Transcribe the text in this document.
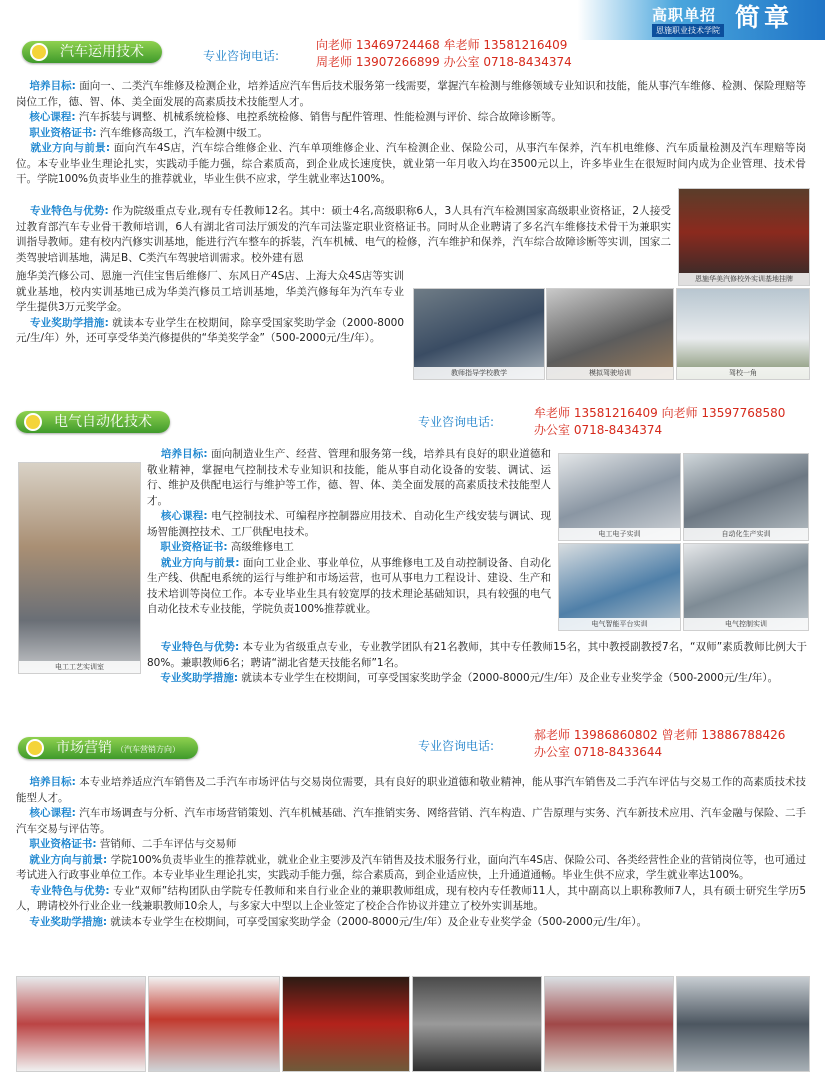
高职单招 简章
恩施职业技术学院
汽车运用技术	专业咨询电话:
向老师 13469724468 牟老师 13581216409
周老师 13907266899 办公室 0718-8434374
培养目标: 面向一、二类汽车维修及检测企业，培养适应汽车售后技术服务第一线需要，掌握汽车检测与维修领域专业知识和技能，能从事汽车维修、检测、保险理赔等岗位工作，德、智、体、美全面发展的高素质技术技能型人才。
核心课程: 汽车拆装与调整、机械系统检修、电控系统检修、销售与配件管理、性能检测与评价、综合故障诊断等。
职业资格证书: 汽车维修高级工，汽车检测中级工。
就业方向与前景: 面向汽车4S店，汽车综合维修企业、汽车单项维修企业、汽车检测企业、保险公司，从事汽车保养，汽车机电维修、汽车质量检测及汽车理赔等岗位。本专业毕业生理论扎实，实践动手能力强，综合素质高，到企业成长速度快，就业第一年月收入均在3500元以上，许多毕业生在很短时间内成为企业管理、技术骨干。学院100%负责毕业生的推荐就业，毕业生供不应求，学生就业率达100%。
专业特色与优势: 作为院级重点专业,现有专任教师12名。其中：硕士4名,高级职称6人，3人具有汽车检测国家高级职业资格证，2人接受过教育部汽车专业骨干教师培训，6人有湖北省司法厅颁发的汽车司法鉴定职业资格证书。同时从企业聘请了多名汽车维修技术骨干为兼职实训指导教师。建有校内汽修实训基地，能进行汽车整车的拆装，汽车机械、电气的检修，汽车维护和保养，汽车综合故障诊断等实训，国家二类驾驶培训基地，满足B、C类汽车驾驶培训需求。校外建有恩
施华美汽修公司、恩施一汽佳宝售后维修厂、东风日产4S店、上海大众4S店等实训就业基地，校内实训基地已成为华美汽修员工培训基地，华美汽修每年为汽车专业学生提供3万元奖学金。
专业奖助学措施: 就读本专业学生在校期间，除享受国家奖助学金（2000-8000元/生/年）外，还可享受华美汽修提供的“华美奖学金”（500-2000元/生/年）。
恩施华美汽修校外实训基地挂牌
教师指导学校教学	模拟驾驶培训	驾校一角
电气自动化技术	专业咨询电话:
牟老师 13581216409 向老师 13597768580
办公室 0718-8434374
电工工艺实训室
培养目标: 面向制造业生产、经营、管理和服务第一线，培养具有良好的职业道德和敬业精神，掌握电气控制技术专业知识和技能，能从事自动化设备的安装、调试、运行、维护及供配电运行与维护等工作，德、智、体、美全面发展的高素质技术技能型人才。
核心课程: 电气控制技术、可编程序控制器应用技术、自动化生产线安装与调试、现场智能测控技术、工厂供配电技术。
职业资格证书: 高级维修电工
就业方向与前景: 面向工业企业、事业单位，从事维修电工及自动控制设备、自动化生产线、供配电系统的运行与维护和市场运营，也可从事电力工程设计、建设、生产和技术培训等岗位工作。本专业毕业生具有较宽厚的技术理论基础知识，具有较强的电气自动化技术专业技能，学院负责100%推荐就业。
专业特色与优势: 本专业为省级重点专业，专业教学团队有21名教师，其中专任教师15名，其中教授副教授7名，“双师”素质教师比例大于80%。兼职教师6名；聘请“湖北省楚天技能名师”1名。
专业奖助学措施: 就读本专业学生在校期间，可享受国家奖助学金（2000-8000元/生/年）及企业专业奖学金（500-2000元/生/年）。
电工电子实训	自动化生产实训
电气智能平台实训	电气控制实训
市场营销 （汽车营销方向）	专业咨询电话:
郝老师 13986860802 曾老师 13886788426
办公室 0718-8433644
培养目标: 本专业培养适应汽车销售及二手汽车市场评估与交易岗位需要，具有良好的职业道德和敬业精神，能从事汽车销售及二手汽车评估与交易工作的高素质技术技能型人才。
核心课程: 汽车市场调查与分析、汽车市场营销策划、汽车机械基础、汽车推销实务、网络营销、汽车构造、广告原理与实务、汽车新技术应用、汽车金融与保险、二手汽车交易与评估等。
职业资格证书: 营销师、二手车评估与交易师
就业方向与前景: 学院100%负责毕业生的推荐就业，就业企业主要涉及汽车销售及技术服务行业，面向汽车4S店、保险公司、各类经营性企业的营销岗位等，也可通过考试进入行政事业单位工作。本专业毕业生理论扎实，实践动手能力强，综合素质高，到企业适应快，上升通道通畅。毕业生供不应求，学生就业率达100%。
专业特色与优势: 专业“双师”结构团队由学院专任教师和来自行业企业的兼职教师组成，现有校内专任教师11人，其中副高以上职称教师7人，具有硕士研究生学历5人，聘请校外行业企业一线兼职教师10余人，与多家大中型以上企业签定了校企合作协议并建立了校外实训基地。
专业奖助学措施: 就读本专业学生在校期间，可享受国家奖助学金（2000-8000元/生/年）及企业专业奖学金（500-2000元/生/年）。
